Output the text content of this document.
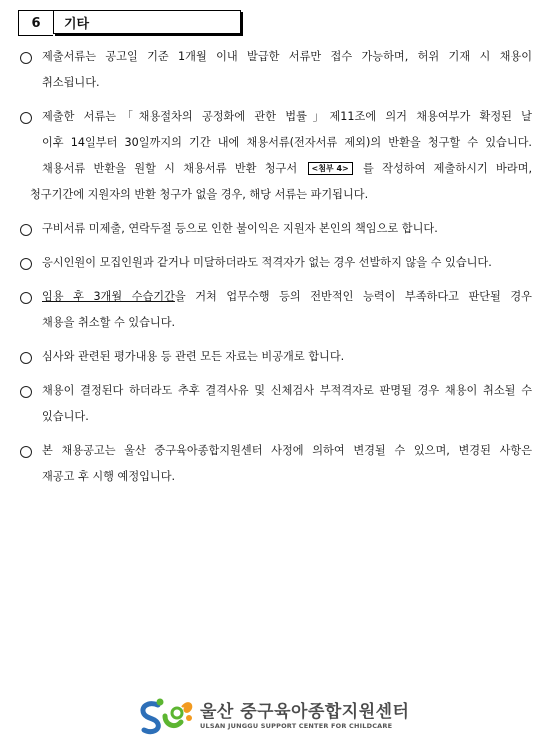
6	기타
제출서류는 공고일 기준 1개월 이내 발급한 서류만 접수 가능하며, 허위 기재 시 채용이
취소됩니다.
제출한 서류는「채용절차의 공정화에 관한 법률」제11조에 의거 채용여부가 확정된 날
이후 14일부터 30일까지의 기간 내에 채용서류(전자서류 제외)의 반환을 청구할 수 있습니다.
채용서류 반환을 원할 시 채용서류 반환 청구서 <첨부 4> 를 작성하여 제출하시기 바라며,
청구기간에 지원자의 반환 청구가 없을 경우, 해당 서류는 파기됩니다.
구비서류 미제출, 연락두절 등으로 인한 불이익은 지원자 본인의 책임으로 합니다.
응시인원이 모집인원과 같거나 미달하더라도 적격자가 없는 경우 선발하지 않을 수 있습니다.
임용 후 3개월 수습기간을 거쳐 업무수행 등의 전반적인 능력이 부족하다고 판단될 경우
채용을 취소할 수 있습니다.
심사와 관련된 평가내용 등 관련 모든 자료는 비공개로 합니다.
채용이 결정된다 하더라도 추후 결격사유 및 신체검사 부적격자로 판명될 경우 채용이 취소될 수
있습니다.
본 채용공고는 울산 중구육아종합지원센터 사정에 의하여 변경될 수 있으며, 변경된 사항은
재공고 후 시행 예정입니다.
울산 중구육아종합지원센터
ULSAN JUNGGU SUPPORT CENTER FOR CHILDCARE
